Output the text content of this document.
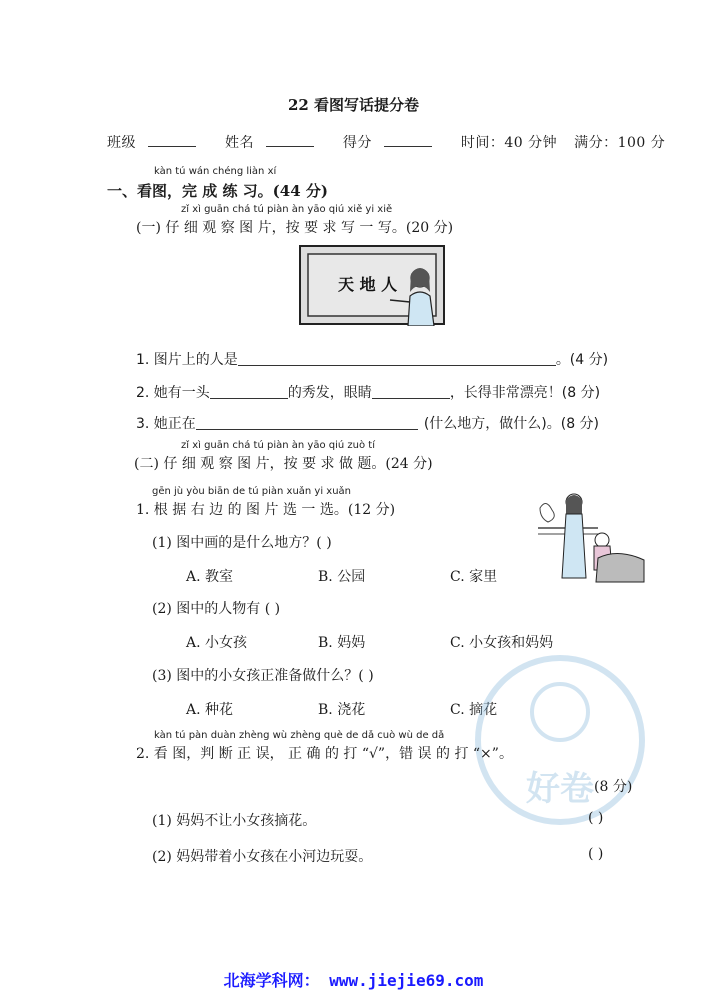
22 看图写话提分卷
班级	姓名	得分	时间：40 分钟 满分：100 分
kàn tú wán chéng liàn xí
一、看图，完 成 练 习。(44 分)
zǐ xì guān chá tú piàn àn yāo qiú xiě yi xiě
(一) 仔 细 观 察 图 片，按 要 求 写 一 写。(20 分)
天 地 人
1. 图片上的人是	。(4 分)
2. 她有一头	的秀发，眼睛	，长得非常漂亮！(8 分)
3. 她正在	(什么地方，做什么)。(8 分)
zǐ xì guān chá tú piàn àn yāo qiú zuò tí
(二) 仔 细 观 察 图 片，按 要 求 做 题。(24 分)
gēn jù yòu biān de tú piàn xuǎn yi xuǎn
1. 根 据 右 边 的 图 片 选 一 选。(12 分)
(1) 图中画的是什么地方？( )
A. 教室	B. 公园	C. 家里
(2) 图中的人物有 ( )
A. 小女孩	B. 妈妈	C. 小女孩和妈妈
(3) 图中的小女孩正准备做什么？( )
A. 种花	B. 浇花	C. 摘花
好卷
kàn tú pàn duàn zhèng wù zhèng què de dǎ cuò wù de dǎ
2. 看 图，判 断 正 误， 正 确 的 打 “√”，错 误 的 打 “×”。
(8 分)
(1) 妈妈不让小女孩摘花。	( )
(2) 妈妈带着小女孩在小河边玩耍。	( )
北海学科网： www.jiejie69.com
